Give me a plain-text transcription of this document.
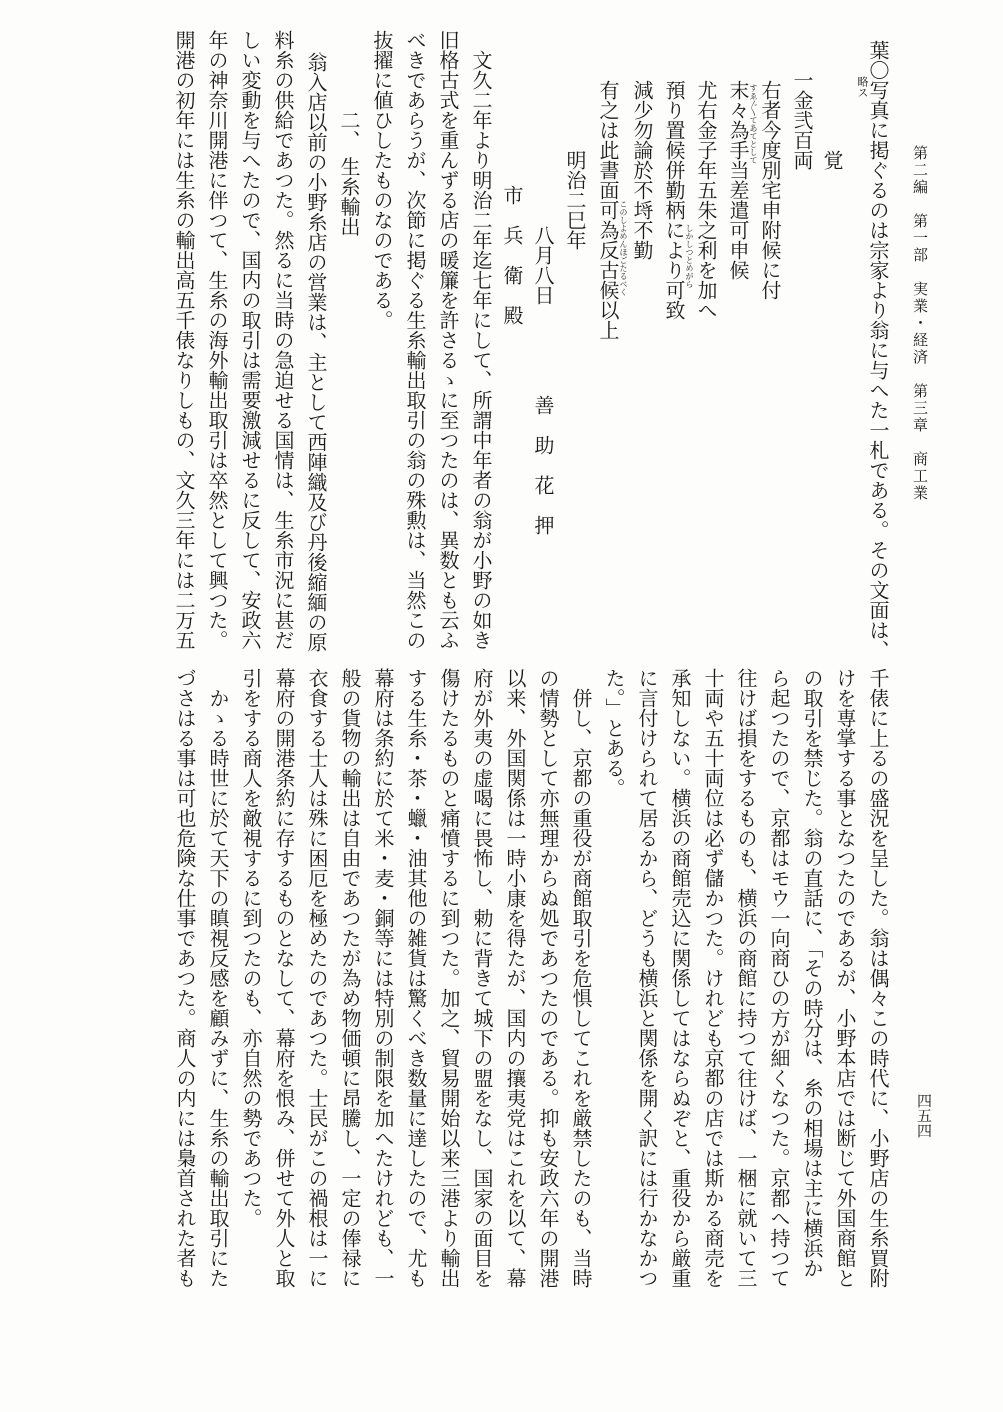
第二編　第一部　実業・経済　第三章　商工業
四五四
葉〇写真に掲ぐるのは宗家より翁に与へた一札である。その文面は、
略ス
覚
一金弐百両
右者今度別宅申附候に付
末々為手当差遣可申候 すゑ〴〵てあてとして
尤右金子年五朱之利を加へ
預り置候併勤柄により可致 しかしつとめがら
減少勿論於不埓不勤
有之は此書面可為反古候以上 このしよめんほごたるべく
明治二巳年
八月八日
善　助　花　押
市　兵　衛　殿
文久二年より明治二年迄七年にして、所謂中年者の翁が小野の如き
旧格古式を重んずる店の暖簾を許さるゝに至つたのは、異数とも云ふ
べきであらうが、次節に掲ぐる生糸輸出取引の翁の殊勲は、当然この
抜擢に値ひしたものなのである。
二、 生糸輸出
翁入店以前の小野糸店の営業は、主として西陣織及び丹後縮緬の原
料糸の供給であつた。然るに当時の急迫せる国情は、生糸市況に甚だ
しい変動を与へたので、国内の取引は需要激減せるに反して、安政六
年の神奈川開港に伴つて、生糸の海外輸出取引は卒然として興つた。
開港の初年には生糸の輸出高五千俵なりしもの、文久三年には二万五
千俵に上るの盛況を呈した。翁は偶々この時代に、小野店の生糸買附
けを専掌する事となつたのであるが、小野本店では断じて外国商館と
の取引を禁じた。翁の直話に、「その時分は、糸の相場は主に横浜か
ら起つたので、京都はモウ一向商ひの方が細くなつた。京都へ持つて
往けば損をするものも、横浜の商館に持つて往けば、一梱に就いて三
十両や五十両位は必ず儲かつた。けれども京都の店では斯かる商売を
承知しない。横浜の商館売込に関係してはならぬぞと、重役から厳重
に言付けられて居るから、どうも横浜と関係を開く訳には行かなかつ
た。」とある。
併し、京都の重役が商館取引を危惧してこれを厳禁したのも、当時
の情勢として亦無理からぬ処であつたのである。抑も安政六年の開港
以来、外国関係は一時小康を得たが、国内の攘夷党はこれを以て、幕
府が外夷の虚喝に畏怖し、勅に背きて城下の盟をなし、国家の面目を
傷けたるものと痛憤するに到つた。加之、貿易開始以来三港より輸出
する生糸・茶・蠟・油其他の雑貨は驚くべき数量に達したので、尤も
幕府は条約に於て米・麦・銅等には特別の制限を加へたけれども、一
般の貨物の輸出は自由であつたが為め物価頓に昂騰し、一定の俸禄に
衣食する士人は殊に困厄を極めたのであつた。士民がこの禍根は一に
幕府の開港条約に存するものとなして、幕府を恨み、併せて外人と取
引をする商人を敵視するに到つたのも、亦自然の勢であつた。
かゝる時世に於て天下の瞋視反感を顧みずに、生糸の輸出取引にた
づさはる事は可也危険な仕事であつた。商人の内には梟首された者も
